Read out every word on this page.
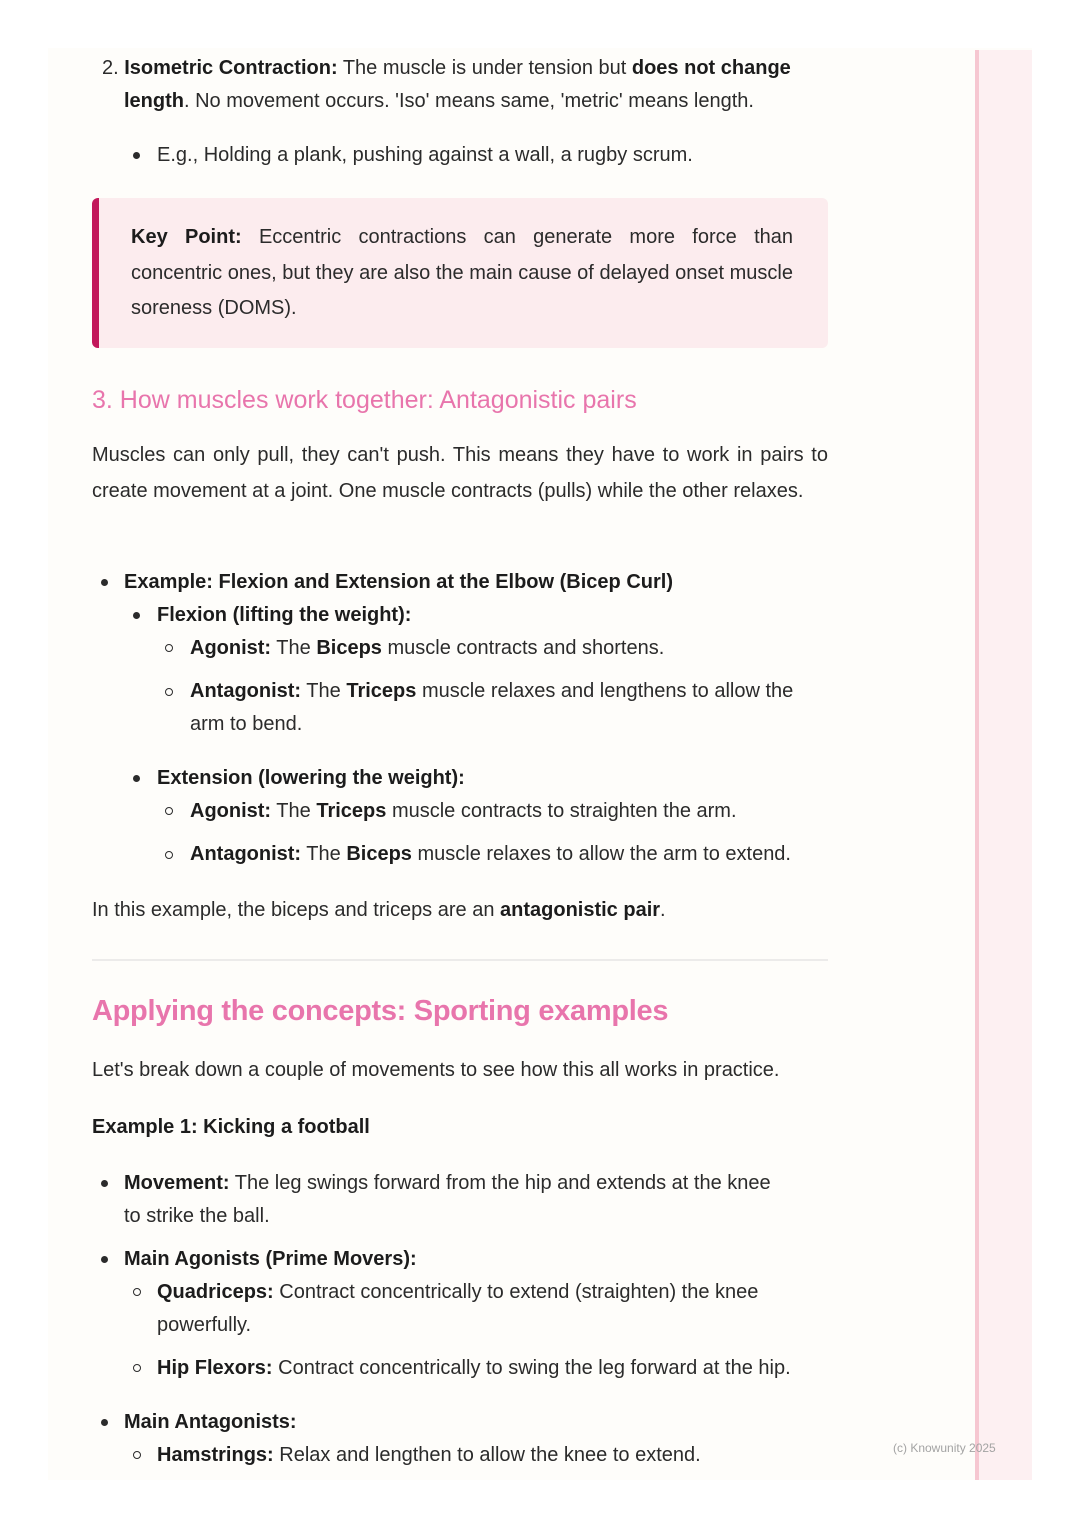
(c) Knowunity 2025
2. Isometric Contraction: The muscle is under tension but does not change
length. No movement occurs. 'Iso' means same, 'metric' means length.
E.g., Holding a plank, pushing against a wall, a rugby scrum.

Key Point: Eccentric contractions can generate more force than concentric ones, but they are also the main cause of delayed onset muscle soreness (DOMS).

3. How muscles work together: Antagonistic pairs
Muscles can only pull, they can't push. This means they have to work in pairs to create movement at a joint. One muscle contracts (pulls) while the other relaxes.
Example: Flexion and Extension at the Elbow (Bicep Curl)
Flexion (lifting the weight):
Agonist: The Biceps muscle contracts and shortens.
Antagonist: The Triceps muscle relaxes and lengthens to allow the
arm to bend.
Extension (lowering the weight):
Agonist: The Triceps muscle contracts to straighten the arm.
Antagonist: The Biceps muscle relaxes to allow the arm to extend.
In this example, the biceps and triceps are an antagonistic pair.
Applying the concepts: Sporting examples
Let's break down a couple of movements to see how this all works in practice.
Example 1: Kicking a football
Movement: The leg swings forward from the hip and extends at the knee
to strike the ball.
Main Agonists (Prime Movers):
Quadriceps: Contract concentrically to extend (straighten) the knee
powerfully.
Hip Flexors: Contract concentrically to swing the leg forward at the hip.
Main Antagonists:
Hamstrings: Relax and lengthen to allow the knee to extend.
